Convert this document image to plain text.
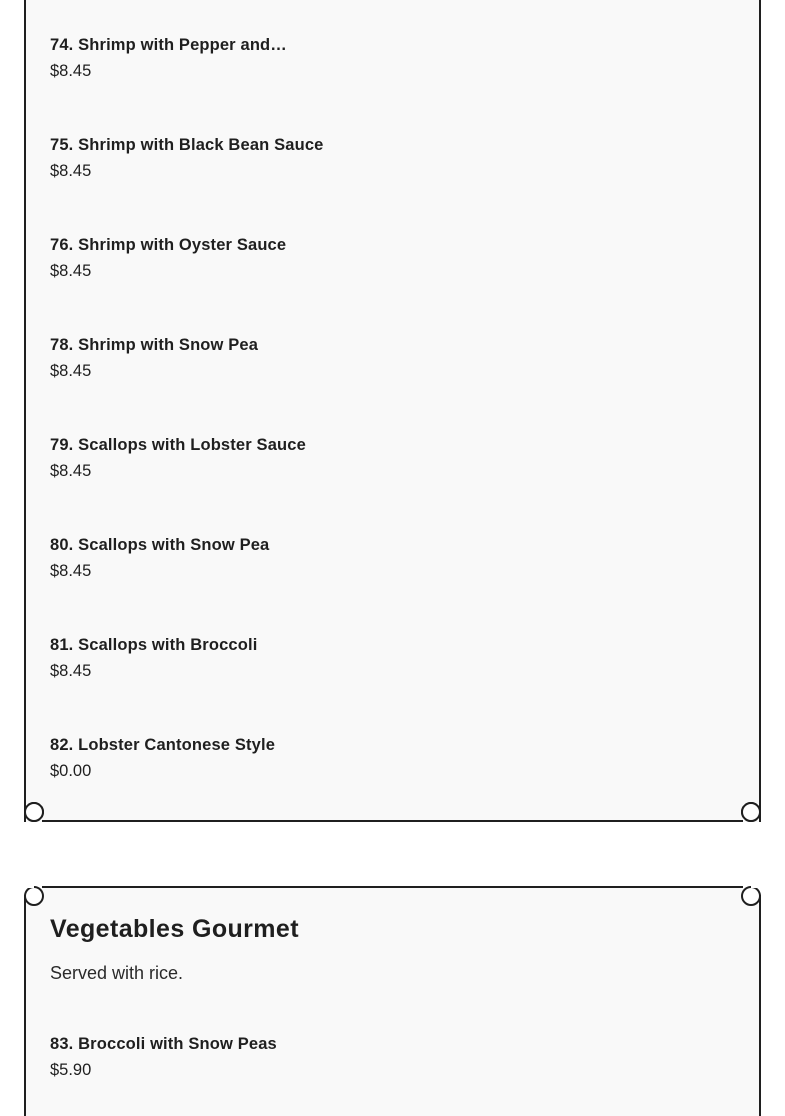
74. Shrimp with Pepper and…
$8.45
75. Shrimp with Black Bean Sauce
$8.45
76. Shrimp with Oyster Sauce
$8.45
78. Shrimp with Snow Pea
$8.45
79. Scallops with Lobster Sauce
$8.45
80. Scallops with Snow Pea
$8.45
81. Scallops with Broccoli
$8.45
82. Lobster Cantonese Style
$0.00
Vegetables Gourmet
Served with rice.
83. Broccoli with Snow Peas
$5.90
